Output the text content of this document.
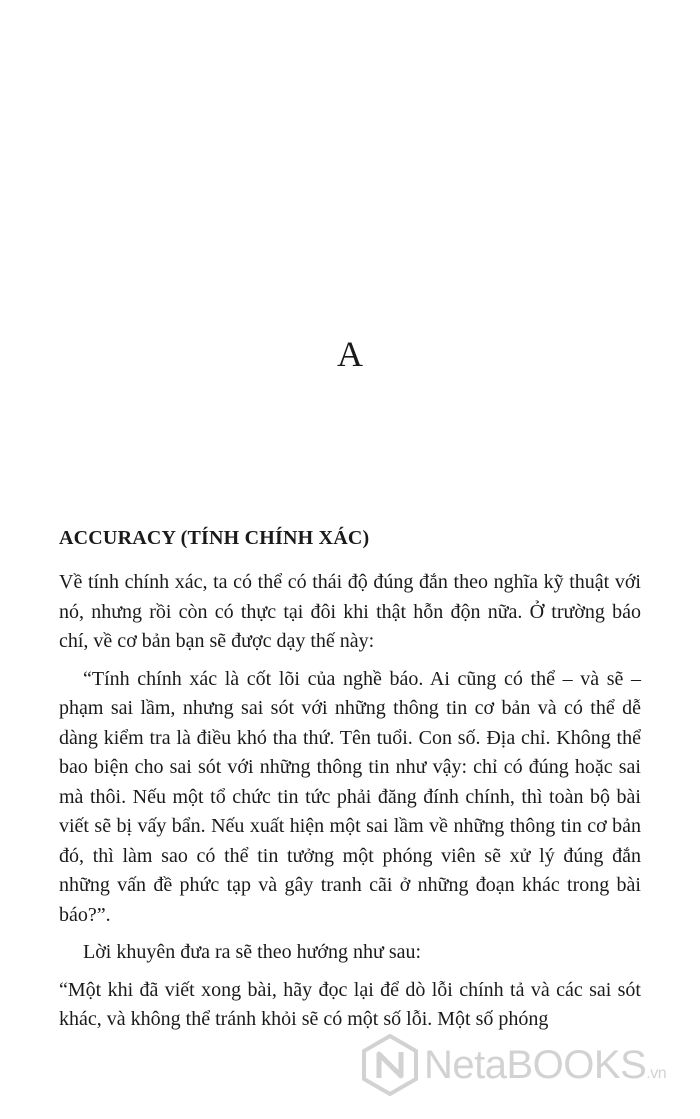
A
ACCURACY (TÍNH CHÍNH XÁC)

Về tính chính xác, ta có thể có thái độ đúng đắn theo nghĩa kỹ thuật với nó, nhưng rồi còn có thực tại đôi khi thật hỗn độn nữa. Ở trường báo chí, về cơ bản bạn sẽ được dạy thế này:

“Tính chính xác là cốt lõi của nghề báo. Ai cũng có thể – và sẽ – phạm sai lầm, nhưng sai sót với những thông tin cơ bản và có thể dễ dàng kiểm tra là điều khó tha thứ. Tên tuổi. Con số. Địa chỉ. Không thể bao biện cho sai sót với những thông tin như vậy: chỉ có đúng hoặc sai mà thôi. Nếu một tổ chức tin tức phải đăng đính chính, thì toàn bộ bài viết sẽ bị vấy bẩn. Nếu xuất hiện một sai lầm về những thông tin cơ bản đó, thì làm sao có thể tin tưởng một phóng viên sẽ xử lý đúng đắn những vấn đề phức tạp và gây tranh cãi ở những đoạn khác trong bài báo?”.

Lời khuyên đưa ra sẽ theo hướng như sau:

“Một khi đã viết xong bài, hãy đọc lại để dò lỗi chính tả và các sai sót khác, và không thể tránh khỏi sẽ có một số lỗi. Một số phóng

NetaBOOKS.vn
